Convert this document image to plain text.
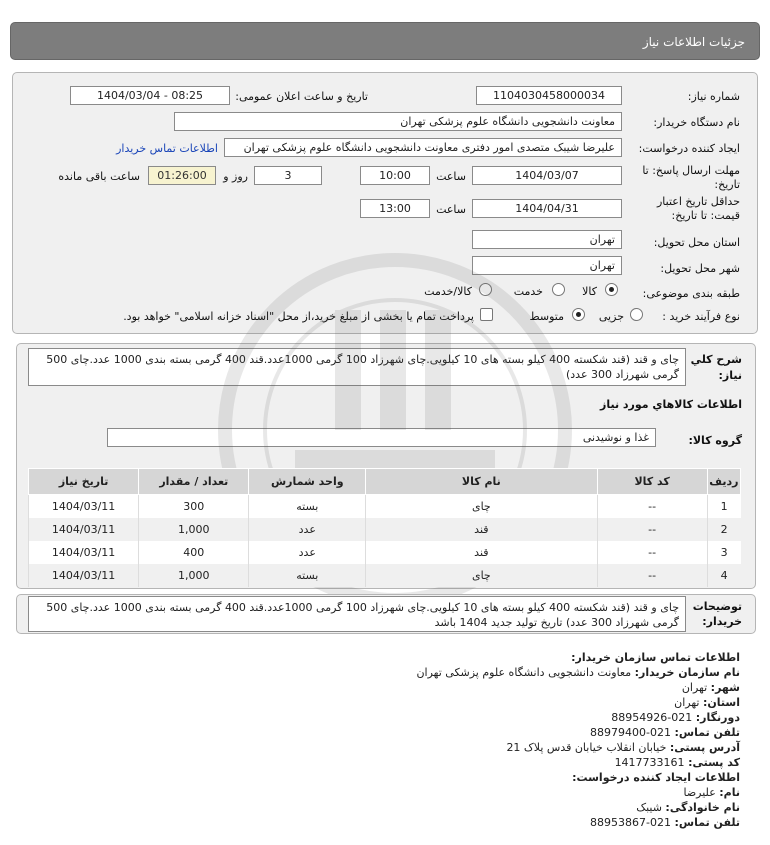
جزئیات اطلاعات نیاز
شماره نیاز:
1104030458000034
تاریخ و ساعت اعلان عمومی:
1404/03/04 - 08:25
نام دستگاه خریدار:
معاونت دانشجویی دانشگاه علوم پزشکی تهران
ایجاد کننده درخواست:
علیرضا شیبک متصدی امور دفتری معاونت دانشجویی دانشگاه علوم پزشکی تهران
اطلاعات تماس خریدار
مهلت ارسال پاسخ: تا
تاریخ:
1404/03/07
ساعت
10:00
3
روز و
01:26:00
ساعت باقی مانده
حداقل تاریخ اعتبار
قیمت: تا تاریخ:
1404/04/31
ساعت
13:00
استان محل تحویل:
تهران
شهر محل تحویل:
تهران
طبقه بندی موضوعی:
کالا
خدمت
کالا/خدمت
نوع فرآیند خرید :
جزیی
متوسط
پرداخت تمام یا بخشی از مبلغ خرید،از محل "اسناد خزانه اسلامی" خواهد بود.
شرح کلي
نیاز:
چای و قند (قند شکسته 400 کیلو بسته های 10 کیلویی.چای شهرزاد 100 گرمی 1000عدد.قند 400 گرمی بسته بندی 1000 عدد.چای 500 گرمی شهرزاد 300 عدد)
اطلاعات کالاهاي مورد نیاز
گروه کالا:
غذا و نوشیدنی
ردیف	کد کالا	نام کالا	واحد شمارش	تعداد / مقدار	تاریخ نیاز
1	--	چای	بسته	300	1404/03/11
2	--	قند	عدد	1,000	1404/03/11
3	--	قند	عدد	400	1404/03/11
4	--	چای	بسته	1,000	1404/03/11
توضیحات
خریدار:
چای و قند (قند شکسته 400 کیلو بسته های 10 کیلویی.چای شهرزاد 100 گرمی 1000عدد.قند 400 گرمی بسته بندی 1000 عدد.چای 500 گرمی شهرزاد 300 عدد) تاریخ تولید جدید 1404 باشد
اطلاعات تماس سازمان خریدار:
نام سازمان خریدار: معاونت دانشجویی دانشگاه علوم پزشکی تهران
شهر: تهران
استان: تهران
دورنگار: 021-88954926
تلفن تماس: 021-88979400
آدرس پستی: خیابان انقلاب خیابان قدس پلاک 21
کد پستی: 1417733161
اطلاعات ایجاد کننده درخواست:
نام: علیرضا
نام خانوادگی: شیبک
تلفن تماس: 021-88953867
